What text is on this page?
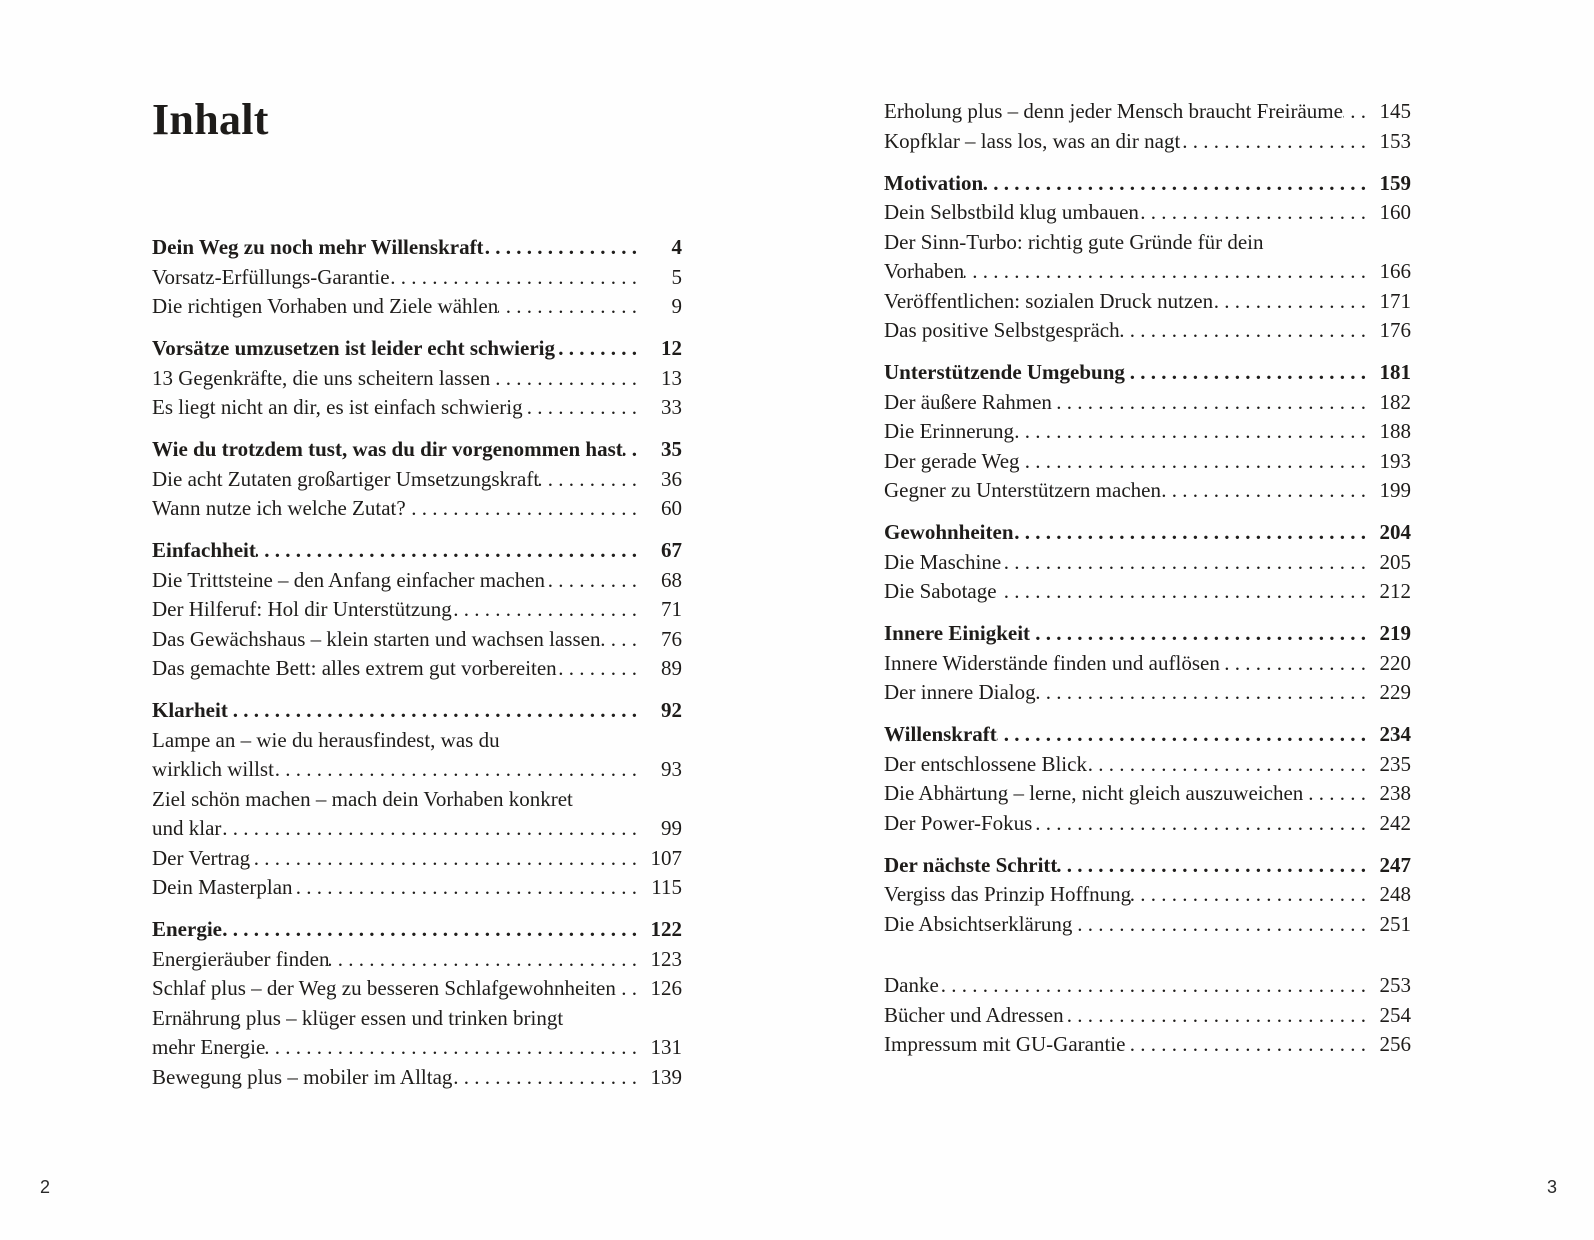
Inhalt
Dein Weg zu noch mehr Willenskraft . . .	4
Vorsatz-Erfüllungs-Garantie . . .	5
Die richtigen Vorhaben und Ziele wählen . . .	9
Vorsätze umzusetzen ist leider echt schwierig . . .	12
13 Gegenkräfte, die uns scheitern lassen . . .	13
Es liegt nicht an dir, es ist einfach schwierig . . .	33
Wie du trotzdem tust, was du dir vorgenommen hast . . .	35
Die acht Zutaten großartiger Umsetzungskraft . . .	36
Wann nutze ich welche Zutat? . . .	60
Einfachheit . . .	67
Die Trittsteine – den Anfang einfacher machen . . .	68
Der Hilferuf: Hol dir Unterstützung . . .	71
Das Gewächshaus – klein starten und wachsen lassen . . .	76
Das gemachte Bett: alles extrem gut vorbereiten . . .	89
Klarheit . . .	92
Lampe an – wie du herausfindest, was du
wirklich willst . . .	93
Ziel schön machen – mach dein Vorhaben konkret
und klar . . .	99
Der Vertrag . . .	107
Dein Masterplan . . .	115
Energie . . .	122
Energieräuber finden . . .	123
Schlaf plus – der Weg zu besseren Schlafgewohnheiten . . .	126
Ernährung plus – klüger essen und trinken bringt
mehr Energie . . .	131
Bewegung plus – mobiler im Alltag . . .	139
Erholung plus – denn jeder Mensch braucht Freiräume . . .	145
Kopfklar – lass los, was an dir nagt . . .	153
Motivation . . .	159
Dein Selbstbild klug umbauen . . .	160
Der Sinn-Turbo: richtig gute Gründe für dein
Vorhaben . . .	166
Veröffentlichen: sozialen Druck nutzen . . .	171
Das positive Selbstgespräch . . .	176
Unterstützende Umgebung . . .	181
Der äußere Rahmen . . .	182
Die Erinnerung . . .	188
Der gerade Weg . . .	193
Gegner zu Unterstützern machen . . .	199
Gewohnheiten . . .	204
Die Maschine . . .	205
Die Sabotage . . .	212
Innere Einigkeit . . .	219
Innere Widerstände finden und auflösen . . .	220
Der innere Dialog . . .	229
Willenskraft . . .	234
Der entschlossene Blick . . .	235
Die Abhärtung – lerne, nicht gleich auszuweichen . . .	238
Der Power-Fokus . . .	242
Der nächste Schritt . . .	247
Vergiss das Prinzip Hoffnung . . .	248
Die Absichtserklärung . . .	251
Danke . . .	253
Bücher und Adressen . . .	254
Impressum mit GU-Garantie . . .	256
2	3
